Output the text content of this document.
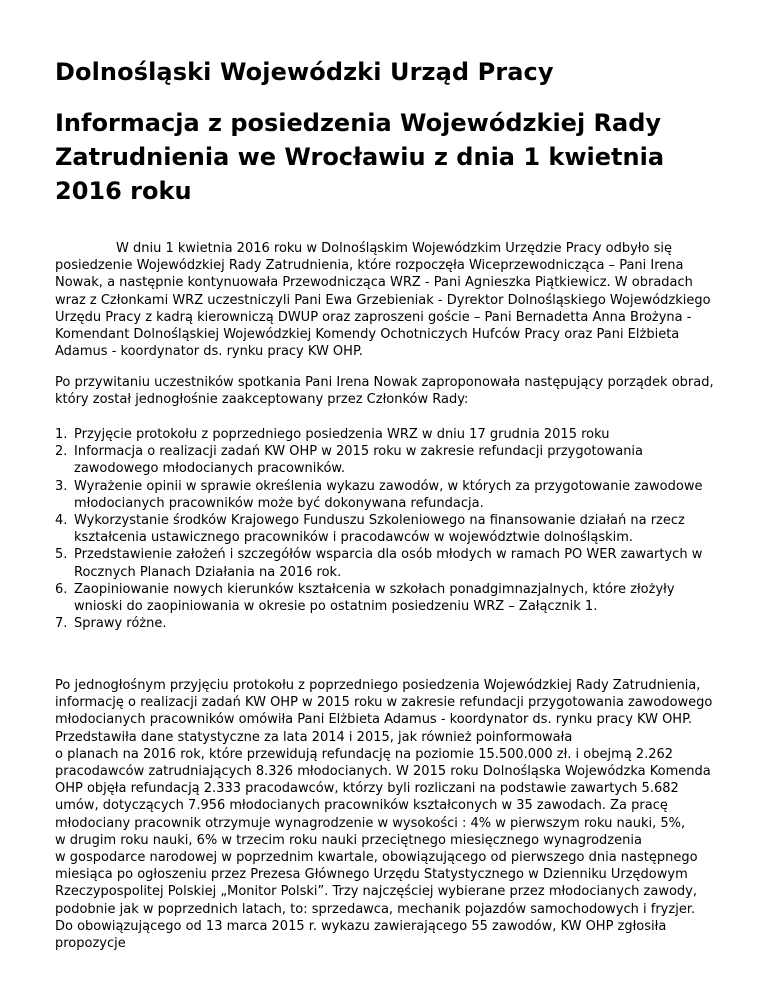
Dolnośląski Wojewódzki Urząd Pracy
Informacja z posiedzenia Wojewódzkiej Rady Zatrudnienia we Wrocławiu z dnia 1 kwietnia 2016 roku

W dniu 1 kwietnia 2016 roku w Dolnośląskim Wojewódzkim Urzędzie Pracy odbyło się posiedzenie Wojewódzkiej Rady Zatrudnienia, które rozpoczęła Wiceprzewodnicząca – Pani Irena Nowak, a następnie kontynuowała Przewodnicząca WRZ - Pani Agnieszka Piątkiewicz. W obradach wraz z Członkami WRZ uczestniczyli Pani Ewa Grzebieniak - Dyrektor Dolnośląskiego Wojewódzkiego Urzędu Pracy z kadrą kierowniczą DWUP oraz zaproszeni goście – Pani Bernadetta Anna Brożyna - Komendant Dolnośląskiej Wojewódzkiej Komendy Ochotniczych Hufców Pracy oraz Pani Elżbieta Adamus - koordynator ds. rynku pracy KW OHP.

Po przywitaniu uczestników spotkania Pani Irena Nowak zaproponowała następujący porządek obrad, który został jednogłośnie zaakceptowany przez Członków Rady:

1. Przyjęcie protokołu z poprzedniego posiedzenia WRZ w dniu 17 grudnia 2015 roku
2. Informacja o realizacji zadań KW OHP w 2015 roku w zakresie refundacji przygotowania zawodowego młodocianych pracowników.
3. Wyrażenie opinii w sprawie określenia wykazu zawodów, w których za przygotowanie zawodowe młodocianych pracowników może być dokonywana refundacja.
4. Wykorzystanie środków Krajowego Funduszu Szkoleniowego na finansowanie działań na rzecz kształcenia ustawicznego pracowników i pracodawców w województwie dolnośląskim.
5. Przedstawienie założeń i szczegółów wsparcia dla osób młodych w ramach PO WER zawartych w Rocznych Planach Działania na 2016 rok.
6. Zaopiniowanie nowych kierunków kształcenia w szkołach ponadgimnazjalnych, które złożyły wnioski do zaopiniowania w okresie po ostatnim posiedzeniu WRZ – Załącznik 1.
7. Sprawy różne.

Po jednogłośnym przyjęciu protokołu z poprzedniego posiedzenia Wojewódzkiej Rady Zatrudnienia, informację o realizacji zadań KW OHP w 2015 roku w zakresie refundacji przygotowania zawodowego młodocianych pracowników omówiła Pani Elżbieta Adamus - koordynator ds. rynku pracy KW OHP. Przedstawiła dane statystyczne za lata 2014 i 2015, jak również poinformowała
o planach na 2016 rok, które przewidują refundację na poziomie 15.500.000 zł. i obejmą 2.262 pracodawców zatrudniających 8.326 młodocianych. W 2015 roku Dolnośląska Wojewódzka Komenda OHP objęła refundacją 2.333 pracodawców, którzy byli rozliczani na podstawie zawartych 5.682 umów, dotyczących 7.956 młodocianych pracowników kształconych w 35 zawodach. Za pracę młodociany pracownik otrzymuje wynagrodzenie w wysokości : 4% w pierwszym roku nauki, 5%,
w drugim roku nauki, 6% w trzecim roku nauki przeciętnego miesięcznego wynagrodzenia
w gospodarce narodowej w poprzednim kwartale, obowiązującego od pierwszego dnia następnego miesiąca po ogłoszeniu przez Prezesa Głównego Urzędu Statystycznego w Dzienniku Urzędowym Rzeczypospolitej Polskiej „Monitor Polski”. Trzy najczęściej wybierane przez młodocianych zawody, podobnie jak w poprzednich latach, to: sprzedawca, mechanik pojazdów samochodowych i fryzjer. Do obowiązującego od 13 marca 2015 r. wykazu zawierającego 55 zawodów, KW OHP zgłosiła propozycje
